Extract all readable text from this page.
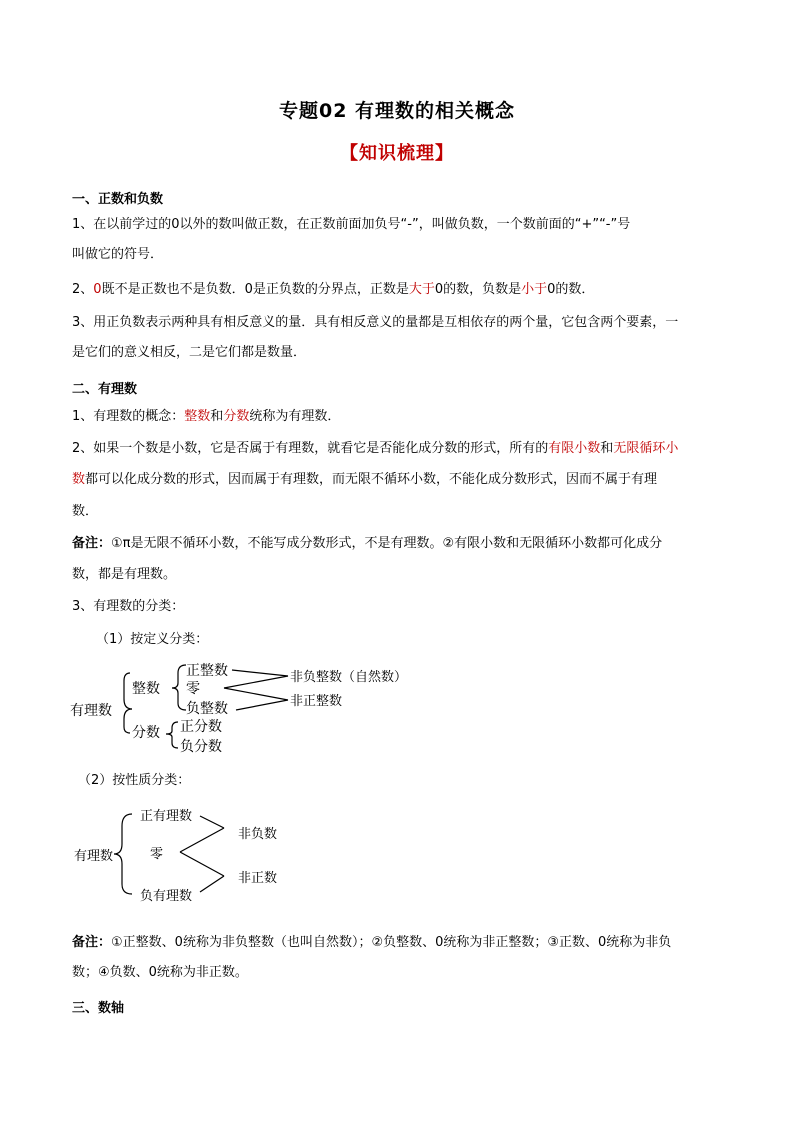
专题02 有理数的相关概念
【知识梳理】
一、正数和负数
1、在以前学过的0以外的数叫做正数，在正数前面加负号“-”，叫做负数，一个数前面的“+”“-”号
叫做它的符号．
2、0既不是正数也不是负数．0是正负数的分界点，正数是大于0的数，负数是小于0的数．
3、用正负数表示两种具有相反意义的量．具有相反意义的量都是互相依存的两个量，它包含两个要素，一
是它们的意义相反，二是它们都是数量．
二、有理数
1、有理数的概念：整数和分数统称为有理数．
2、如果一个数是小数，它是否属于有理数，就看它是否能化成分数的形式，所有的有限小数和无限循环小
数都可以化成分数的形式，因而属于有理数，而无限不循环小数，不能化成分数形式，因而不属于有理
数．
备注：①π是无限不循环小数，不能写成分数形式，不是有理数。②有限小数和无限循环小数都可化成分
数，都是有理数。
3、有理数的分类：
（1）按定义分类：
有理数
整数
分数
正整数
零
负整数
正分数
负分数
非负整数（自然数）
非正整数
（2）按性质分类：
有理数
正有理数
零
负有理数
非负数
非正数
备注：①正整数、0统称为非负整数（也叫自然数）；②负整数、0统称为非正整数；③正数、0统称为非负
数；④负数、0统称为非正数。
三、数轴
